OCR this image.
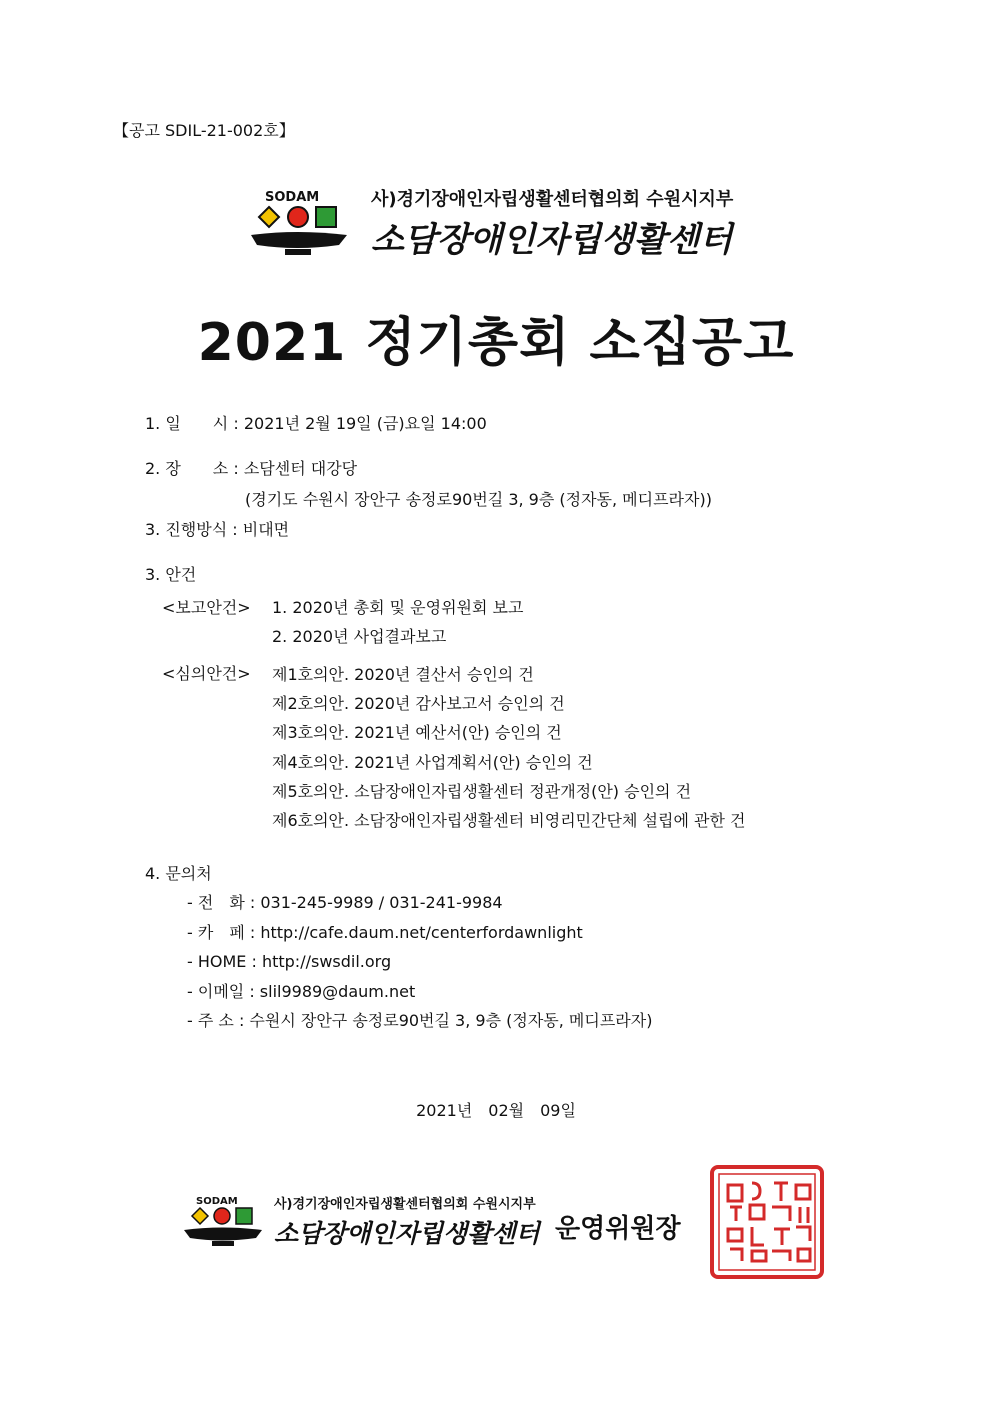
【공고 SDIL-21-002호】
SODAM	사)경기장애인자립생활센터협의회 수원시지부
소담장애인자립생활센터
2021 정기총회 소집공고
1. 일　　시 : 2021년 2월 19일 (금)요일 14:00
2. 장　　소 : 소담센터 대강당
(경기도 수원시 장안구 송정로90번길 3, 9층 (정자동, 메디프라자))
3. 진행방식 : 비대면
3. 안건
<보고안건> 1. 2020년 총회 및 운영위원회 보고
2. 2020년 사업결과보고
<심의안건> 제1호의안. 2020년 결산서 승인의 건
제2호의안. 2020년 감사보고서 승인의 건
제3호의안. 2021년 예산서(안) 승인의 건
제4호의안. 2021년 사업계획서(안) 승인의 건
제5호의안. 소담장애인자립생활센터 정관개정(안) 승인의 건
제6호의안. 소담장애인자립생활센터 비영리민간단체 설립에 관한 건
4. 문의처
- 전　화 : 031-245-9989 / 031-241-9984
- 카　페 : http://cafe.daum.net/centerfordawnlight
- HOME : http://swsdil.org
- 이메일 : slil9989@daum.net
- 주 소 : 수원시 장안구 송정로90번길 3, 9층 (정자동, 메디프라자)
2021년　02월　09일
SODAM	사)경기장애인자립생활센터협의회 수원시지부
소담장애인자립생활센터 운영위원장
